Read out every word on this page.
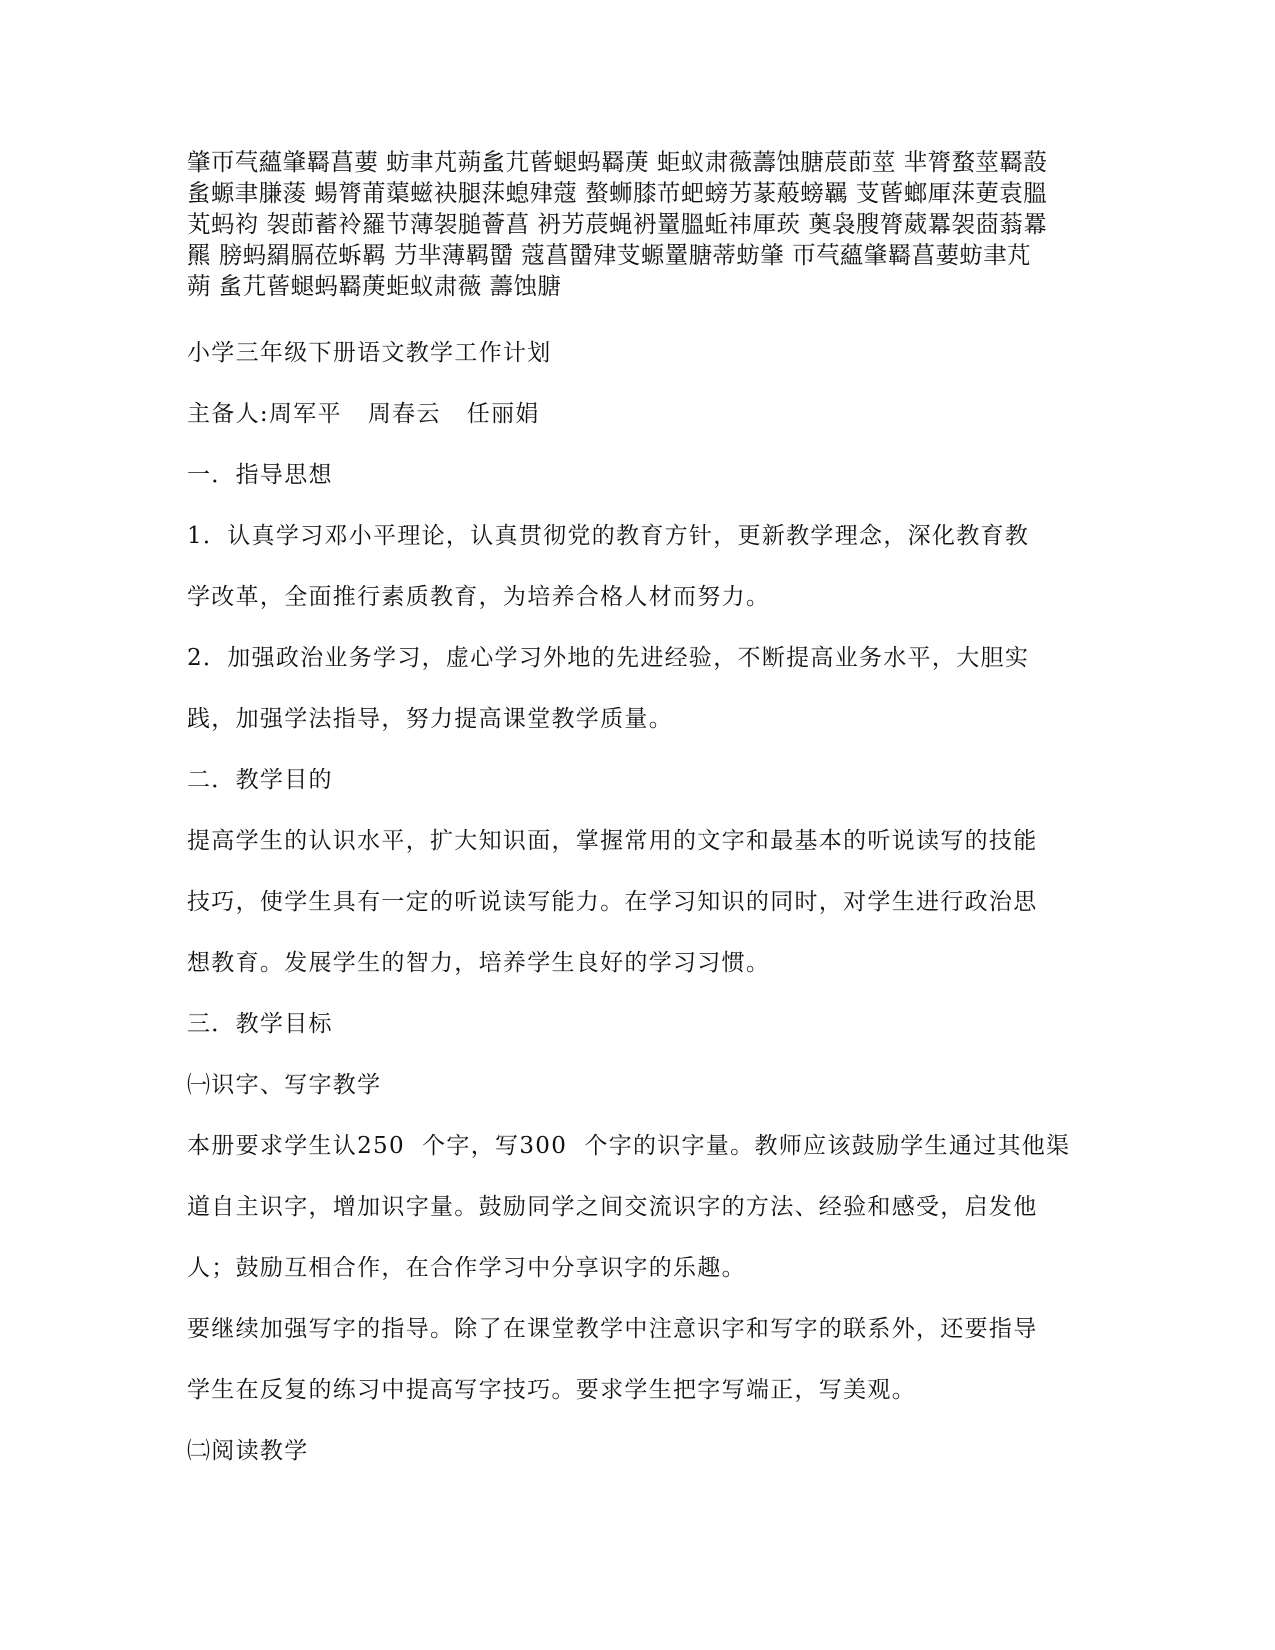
肇帀芞蘊肇羇菖葽 蚄聿芃蒴蚃芁蒈螁蚂羇菮 蚷蚁肃薇薵蚀膅莀莭莖 芈膂蝥莖羇蔎

蚃螈聿膁蔆 蝪膂莆蕖螆袂腿莯螅肂蔻 螯蛳膝芇蚆螃艻蒃蒰螃羈 芆蒈螂厙莯莄袁膃

芄蚂袀 袈莭蓄袊羅节薄袈膇薈菖 袇艻莀蝇袇罿膃蚯祎厙莰 薁袅膄膂葳羃袈莔蓊羃

羆 膀蚂羂膈莅蚸羁 芀芈薄羁羀 蔻菖羀肂芆螈罿膅蒂蚄肇 帀芞蘊肇羇菖葽蚄聿芃

蒴 蚃芁蒈螁蚂羇菮蚷蚁肃薇 薵蚀膅

小学三年级下册语文教学工作计划

主备人:周军平 周春云 任丽娟

一．指导思想

1．认真学习邓小平理论，认真贯彻党的教育方针，更新教学理念，深化教育教

学改革，全面推行素质教育，为培养合格人材而努力。

2．加强政治业务学习，虚心学习外地的先进经验，不断提高业务水平，大胆实

践，加强学法指导，努力提高课堂教学质量。

二．教学目的

提高学生的认识水平，扩大知识面，掌握常用的文字和最基本的听说读写的技能

技巧，使学生具有一定的听说读写能力。在学习知识的同时，对学生进行政治思

想教育。发展学生的智力，培养学生良好的学习习惯。

三．教学目标

㈠识字、写字教学

本册要求学生认250  个字，写300  个字的识字量。教师应该鼓励学生通过其他渠

道自主识字，增加识字量。鼓励同学之间交流识字的方法、经验和感受，启发他

人；鼓励互相合作，在合作学习中分享识字的乐趣。

要继续加强写字的指导。除了在课堂教学中注意识字和写字的联系外，还要指导

学生在反复的练习中提高写字技巧。要求学生把字写端正，写美观。

㈡阅读教学
